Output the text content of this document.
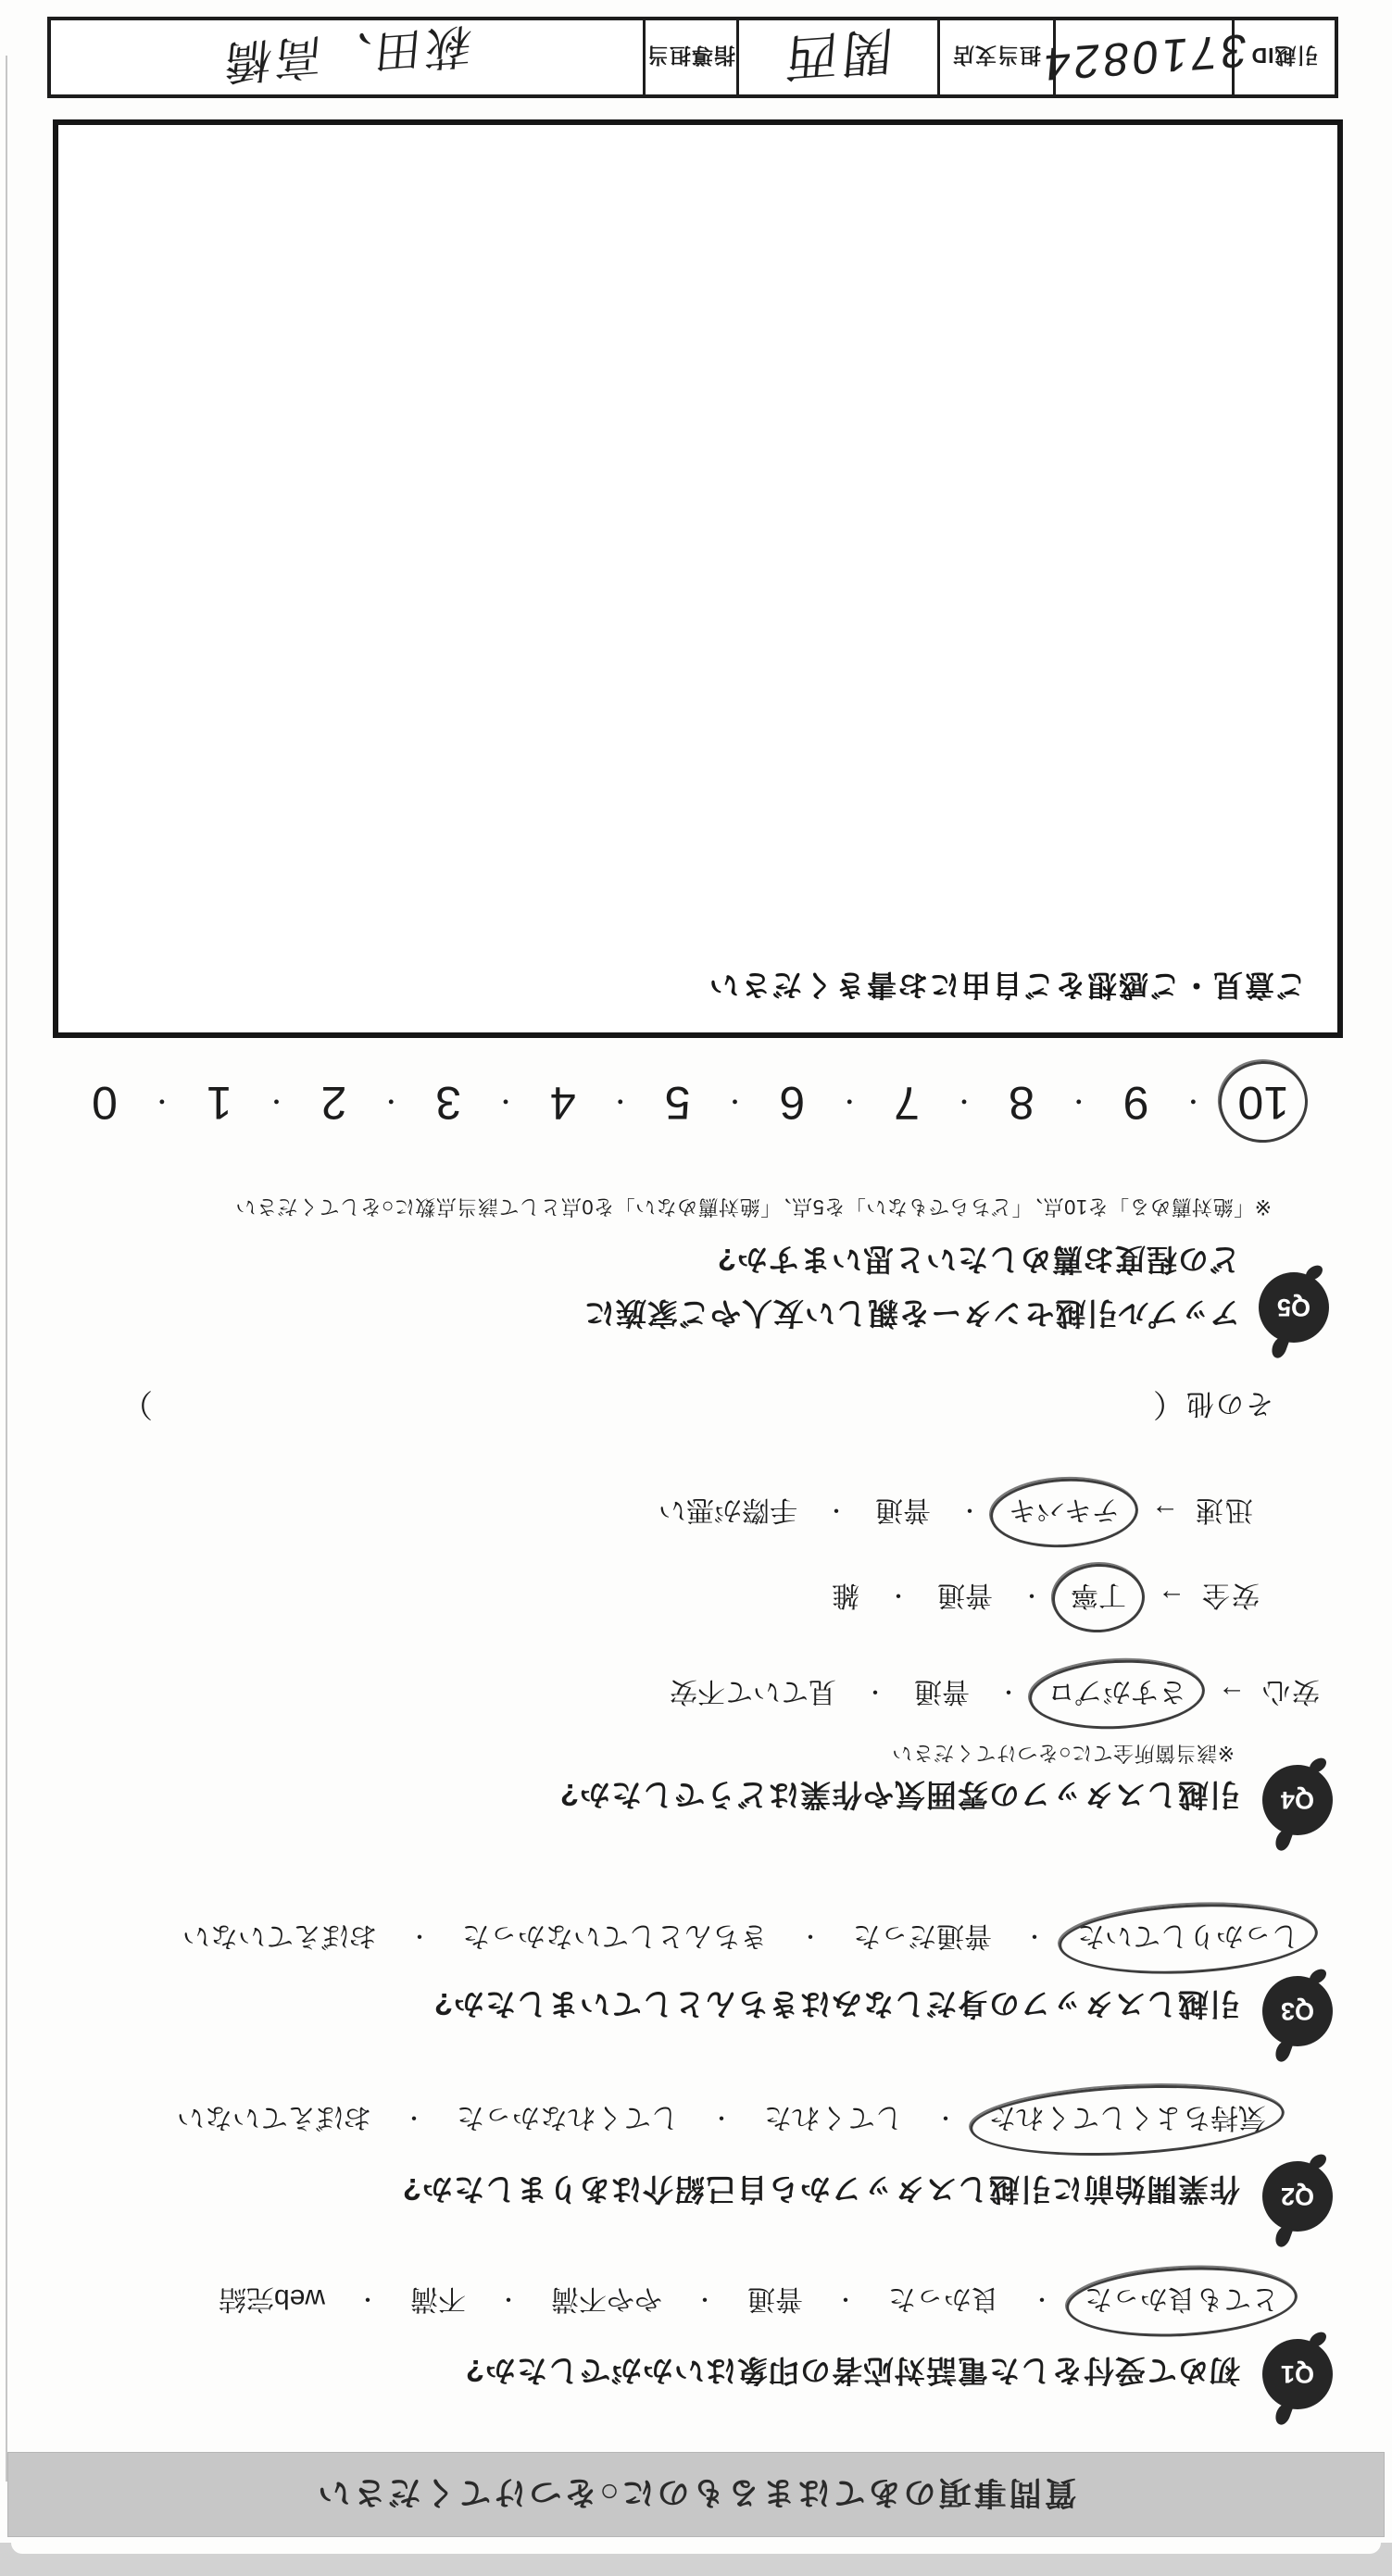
質問事項のあてはまるものに○をつけてください
Q1
初めて受付をした電話対応者の印象はいかがでしたか?
とても良かった
・
良かった
・
普通
・
やや不満
・
不満
・
web完結
Q2
作業開始前に引越しスタッフから自己紹介はありましたか?
気持ちよくしてくれた
・
してくれた
・
してくれなかった
・
おぼえていない
Q3
引越しスタッフの身だしなみはきちんとしていましたか?
しっかりしていた
・
普通だった
・
きちんとしていなかった
・
おぼえていない
Q4
引越しスタッフの雰囲気や作業はどうでしたか?
※該当箇所全てに○をつけてください
安心
→
さすがプロ
・
普通
・
見ていて不安
安全
→
丁寧
・
普通
・
雑
迅速
→
テキパキ
・
普通
・
手際が悪い
その他
（
）
Q5
アップル引越センターを親しい友人やご家族に
どの程度お薦めしたいと思いますか?
※「絶対薦める」を10点、「どちらでもない」を5点、「絶対薦めない」を0点として該当点数に○をしてください
10
・
9
・
8
・
7
・
6
・
5
・
4
・
3
・
2
・
1
・
0
ご意見・ご感想をご自由にお書きください
引越ID
3710824
担当支店
関西
指導担当
萩田、高橋
